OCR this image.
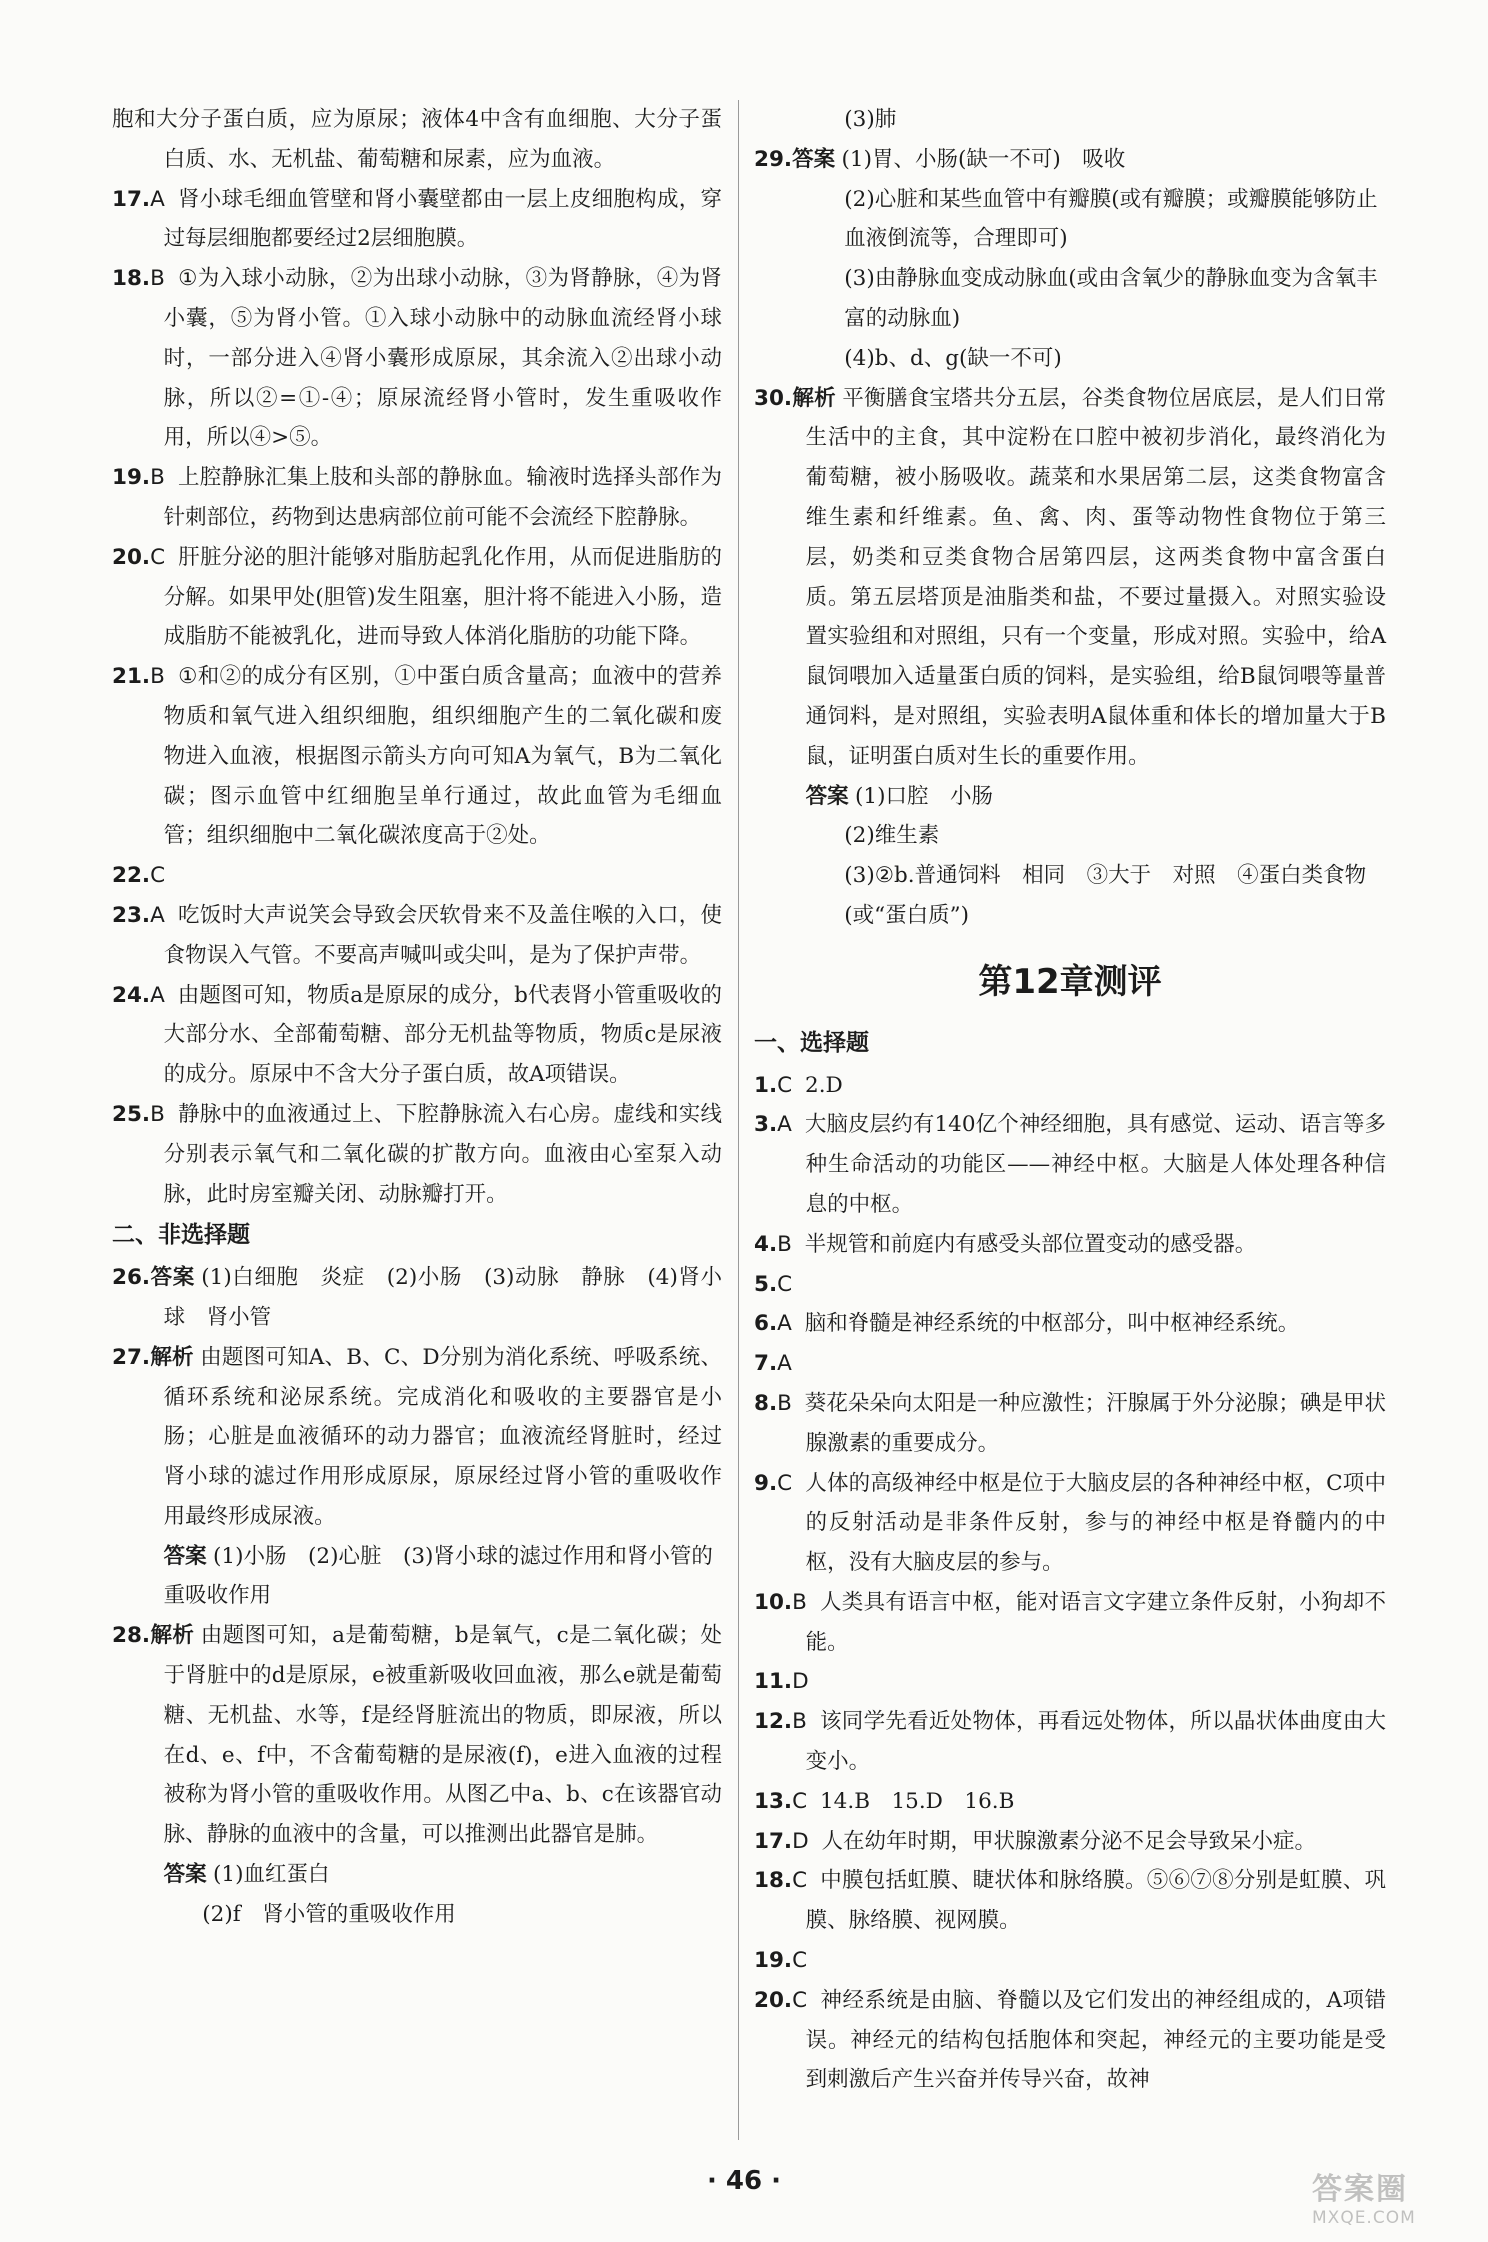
胞和大分子蛋白质，应为原尿；液体4中含有血细胞、大分子蛋白质、水、无机盐、葡萄糖和尿素，应为血液。

17.A 肾小球毛细血管壁和肾小囊壁都由一层上皮细胞构成，穿过每层细胞都要经过2层细胞膜。

18.B ①为入球小动脉，②为出球小动脉，③为肾静脉，④为肾小囊，⑤为肾小管。①入球小动脉中的动脉血流经肾小球时，一部分进入④肾小囊形成原尿，其余流入②出球小动脉，所以②=①-④；原尿流经肾小管时，发生重吸收作用，所以④>⑤。

19.B 上腔静脉汇集上肢和头部的静脉血。输液时选择头部作为针刺部位，药物到达患病部位前可能不会流经下腔静脉。

20.C 肝脏分泌的胆汁能够对脂肪起乳化作用，从而促进脂肪的分解。如果甲处(胆管)发生阻塞，胆汁将不能进入小肠，造成脂肪不能被乳化，进而导致人体消化脂肪的功能下降。

21.B ①和②的成分有区别，①中蛋白质含量高；血液中的营养物质和氧气进入组织细胞，组织细胞产生的二氧化碳和废物进入血液，根据图示箭头方向可知A为氧气，B为二氧化碳；图示血管中红细胞呈单行通过，故此血管为毛细血管；组织细胞中二氧化碳浓度高于②处。

22.C

23.A 吃饭时大声说笑会导致会厌软骨来不及盖住喉的入口，使食物误入气管。不要高声喊叫或尖叫，是为了保护声带。

24.A 由题图可知，物质a是原尿的成分，b代表肾小管重吸收的大部分水、全部葡萄糖、部分无机盐等物质，物质c是尿液的成分。原尿中不含大分子蛋白质，故A项错误。

25.B 静脉中的血液通过上、下腔静脉流入右心房。虚线和实线分别表示氧气和二氧化碳的扩散方向。血液由心室泵入动脉，此时房室瓣关闭、动脉瓣打开。

二、非选择题

26.答案 (1)白细胞　炎症　(2)小肠　(3)动脉　静脉　(4)肾小球　肾小管

27.解析 由题图可知A、B、C、D分别为消化系统、呼吸系统、循环系统和泌尿系统。完成消化和吸收的主要器官是小肠；心脏是血液循环的动力器官；血液流经肾脏时，经过肾小球的滤过作用形成原尿，原尿经过肾小管的重吸收作用最终形成尿液。

答案 (1)小肠　(2)心脏　(3)肾小球的滤过作用和肾小管的重吸收作用

28.解析 由题图可知，a是葡萄糖，b是氧气，c是二氧化碳；处于肾脏中的d是原尿，e被重新吸收回血液，那么e就是葡萄糖、无机盐、水等，f是经肾脏流出的物质，即尿液，所以在d、e、f中，不含葡萄糖的是尿液(f)，e进入血液的过程被称为肾小管的重吸收作用。从图乙中a、b、c在该器官动脉、静脉的血液中的含量，可以推测出此器官是肺。

答案 (1)血红蛋白

(2)f　肾小管的重吸收作用

(3)肺

29.答案 (1)胃、小肠(缺一不可)　吸收

(2)心脏和某些血管中有瓣膜(或有瓣膜；或瓣膜能够防止血液倒流等，合理即可)

(3)由静脉血变成动脉血(或由含氧少的静脉血变为含氧丰富的动脉血)

(4)b、d、g(缺一不可)

30.解析 平衡膳食宝塔共分五层，谷类食物位居底层，是人们日常生活中的主食，其中淀粉在口腔中被初步消化，最终消化为葡萄糖，被小肠吸收。蔬菜和水果居第二层，这类食物富含维生素和纤维素。鱼、禽、肉、蛋等动物性食物位于第三层，奶类和豆类食物合居第四层，这两类食物中富含蛋白质。第五层塔顶是油脂类和盐，不要过量摄入。对照实验设置实验组和对照组，只有一个变量，形成对照。实验中，给A鼠饲喂加入适量蛋白质的饲料，是实验组，给B鼠饲喂等量普通饲料，是对照组，实验表明A鼠体重和体长的增加量大于B鼠，证明蛋白质对生长的重要作用。

答案 (1)口腔　小肠

(2)维生素

(3)②b.普通饲料　相同　③大于　对照　④蛋白类食物(或“蛋白质”)

第12章测评
一、选择题

1.C 2.D

3.A 大脑皮层约有140亿个神经细胞，具有感觉、运动、语言等多种生命活动的功能区——神经中枢。大脑是人体处理各种信息的中枢。

4.B 半规管和前庭内有感受头部位置变动的感受器。

5.C

6.A 脑和脊髓是神经系统的中枢部分，叫中枢神经系统。

7.A

8.B 葵花朵朵向太阳是一种应激性；汗腺属于外分泌腺；碘是甲状腺激素的重要成分。

9.C 人体的高级神经中枢是位于大脑皮层的各种神经中枢，C项中的反射活动是非条件反射，参与的神经中枢是脊髓内的中枢，没有大脑皮层的参与。

10.B 人类具有语言中枢，能对语言文字建立条件反射，小狗却不能。

11.D

12.B 该同学先看近处物体，再看远处物体，所以晶状体曲度由大变小。

13.C 14.B　15.D　16.B

17.D 人在幼年时期，甲状腺激素分泌不足会导致呆小症。

18.C 中膜包括虹膜、睫状体和脉络膜。⑤⑥⑦⑧分别是虹膜、巩膜、脉络膜、视网膜。

19.C

20.C 神经系统是由脑、脊髓以及它们发出的神经组成的，A项错误。神经元的结构包括胞体和突起，神经元的主要功能是受到刺激后产生兴奋并传导兴奋，故神

· 46 ·	答案圈
MXQE.COM
